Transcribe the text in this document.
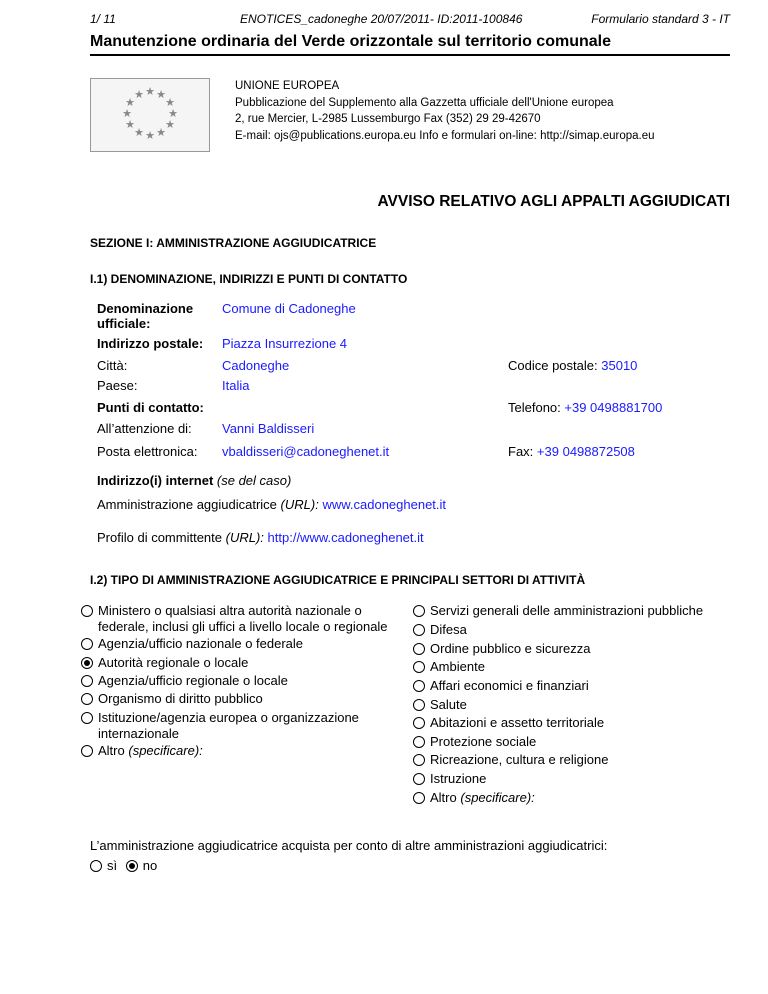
1/ 11	ENOTICES_cadoneghe 20/07/2011- ID:2011-100846	Formulario standard 3 - IT
Manutenzione ordinaria del Verde orizzontale sul territorio comunale
★ ★
★
★
★
★
★
★
★
★
★
★
UNIONE EUROPEA
Pubblicazione del Supplemento alla Gazzetta ufficiale dell'Unione europea
2, rue Mercier, L-2985 Lussemburgo Fax (352) 29 29-42670
E-mail: ojs@publications.europa.eu Info e formulari on-line: http://simap.europa.eu
AVVISO RELATIVO AGLI APPALTI AGGIUDICATI
SEZIONE I: AMMINISTRAZIONE AGGIUDICATRICE
I.1) DENOMINAZIONE, INDIRIZZI E PUNTI DI CONTATTO
Denominazione ufficiale:
Comune di Cadoneghe
Indirizzo postale: Piazza Insurrezione 4
Città:	Cadoneghe	Codice postale: 35010
Paese:	Italia
Punti di contatto:	Telefono: +39 0498881700
All’attenzione di: Vanni Baldisseri
Posta elettronica: vbaldisseri@cadoneghenet.it	Fax: +39 0498872508
Indirizzo(i) internet (se del caso)
Amministrazione aggiudicatrice (URL): www.cadoneghenet.it
Profilo di committente (URL): http://www.cadoneghenet.it
I.2) TIPO DI AMMINISTRAZIONE AGGIUDICATRICE E PRINCIPALI SETTORI DI ATTIVITÀ
Ministero o qualsiasi altra autorità nazionale o federale, inclusi gli uffici a livello locale o regionale
Agenzia/ufficio nazionale o federale
Autorità regionale o locale
Agenzia/ufficio regionale o locale
Organismo di diritto pubblico
Istituzione/agenzia europea o organizzazione internazionale
Altro (specificare):
Servizi generali delle amministrazioni pubbliche
Difesa
Ordine pubblico e sicurezza
Ambiente
Affari economici e finanziari
Salute
Abitazioni e assetto territoriale
Protezione sociale
Ricreazione, cultura e religione
Istruzione
Altro (specificare):
L’amministrazione aggiudicatrice acquista per conto di altre amministrazioni aggiudicatrici:
sì no
